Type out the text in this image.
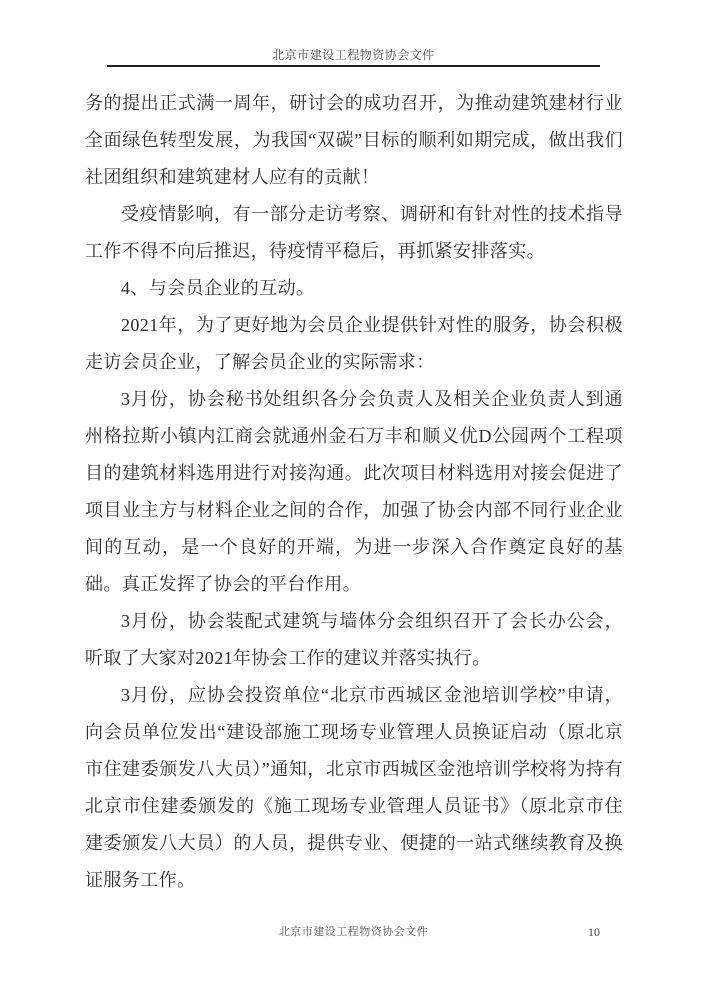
北京市建设工程物资协会文件

务的提出正式满一周年，研讨会的成功召开，为推动建筑建材行业全面绿色转型发展，为我国“双碳”目标的顺利如期完成，做出我们社团组织和建筑建材人应有的贡献！

受疫情影响，有一部分走访考察、调研和有针对性的技术指导工作不得不向后推迟，待疫情平稳后，再抓紧安排落实。

4、与会员企业的互动。

2021年，为了更好地为会员企业提供针对性的服务，协会积极走访会员企业，了解会员企业的实际需求：

3月份，协会秘书处组织各分会负责人及相关企业负责人到通州格拉斯小镇内江商会就通州金石万丰和顺义优D公园两个工程项目的建筑材料选用进行对接沟通。此次项目材料选用对接会促进了项目业主方与材料企业之间的合作，加强了协会内部不同行业企业间的互动，是一个良好的开端，为进一步深入合作奠定良好的基础。真正发挥了协会的平台作用。

3月份，协会装配式建筑与墙体分会组织召开了会长办公会，听取了大家对2021年协会工作的建议并落实执行。

3月份，应协会投资单位“北京市西城区金池培训学校”申请，向会员单位发出“建设部施工现场专业管理人员换证启动（原北京市住建委颁发八大员）”通知，北京市西城区金池培训学校将为持有北京市住建委颁发的《施工现场专业管理人员证书》（原北京市住建委颁发八大员）的人员，提供专业、便捷的一站式继续教育及换证服务工作。

北京市建设工程物资协会文件	10
